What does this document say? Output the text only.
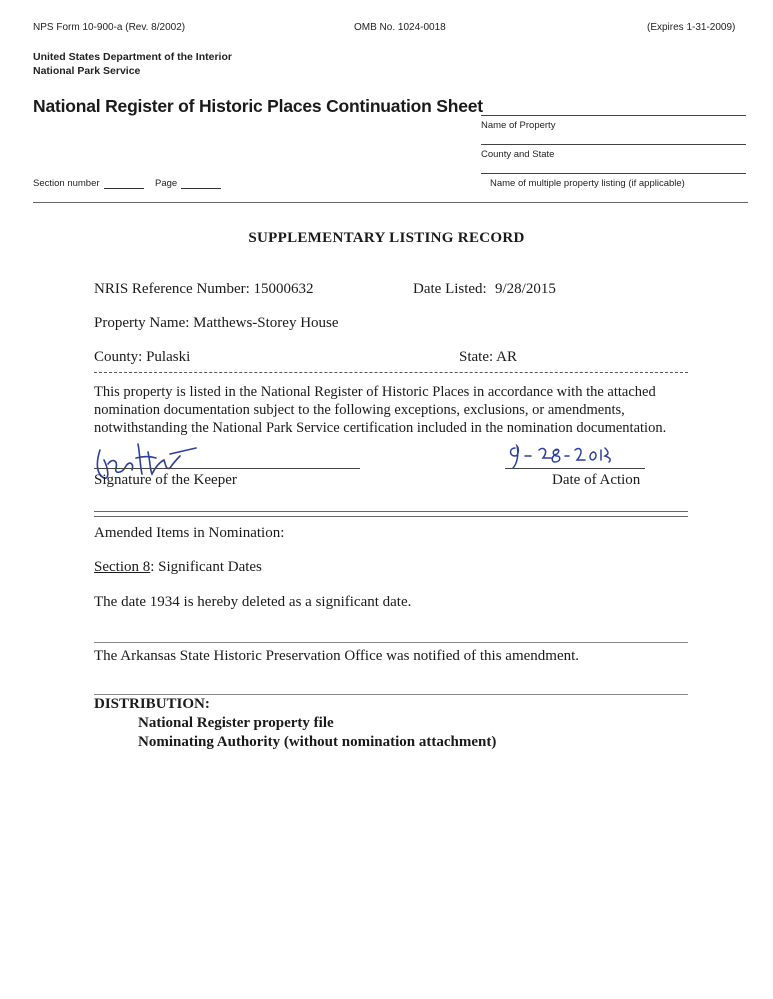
NPS Form 10-900-a (Rev. 8/2002)	OMB No. 1024-0018	(Expires 1-31-2009)
United States Department of the Interior
National Park Service
National Register of Historic Places Continuation Sheet
Name of Property
County and State
Name of multiple property listing (if applicable)
Section number	Page
SUPPLEMENTARY LISTING RECORD
NRIS Reference Number: 15000632	Date Listed: 9/28/2015
Property Name: Matthews-Storey House
County: Pulaski	State: AR
This property is listed in the National Register of Historic Places in accordance with the attached
nomination documentation subject to the following exceptions, exclusions, or amendments,
notwithstanding the National Park Service certification included in the nomination documentation.
Signature of the Keeper	Date of Action
Amended Items in Nomination:
Section 8: Significant Dates
The date 1934 is hereby deleted as a significant date.
The Arkansas State Historic Preservation Office was notified of this amendment.
DISTRIBUTION:
National Register property file
Nominating Authority (without nomination attachment)
